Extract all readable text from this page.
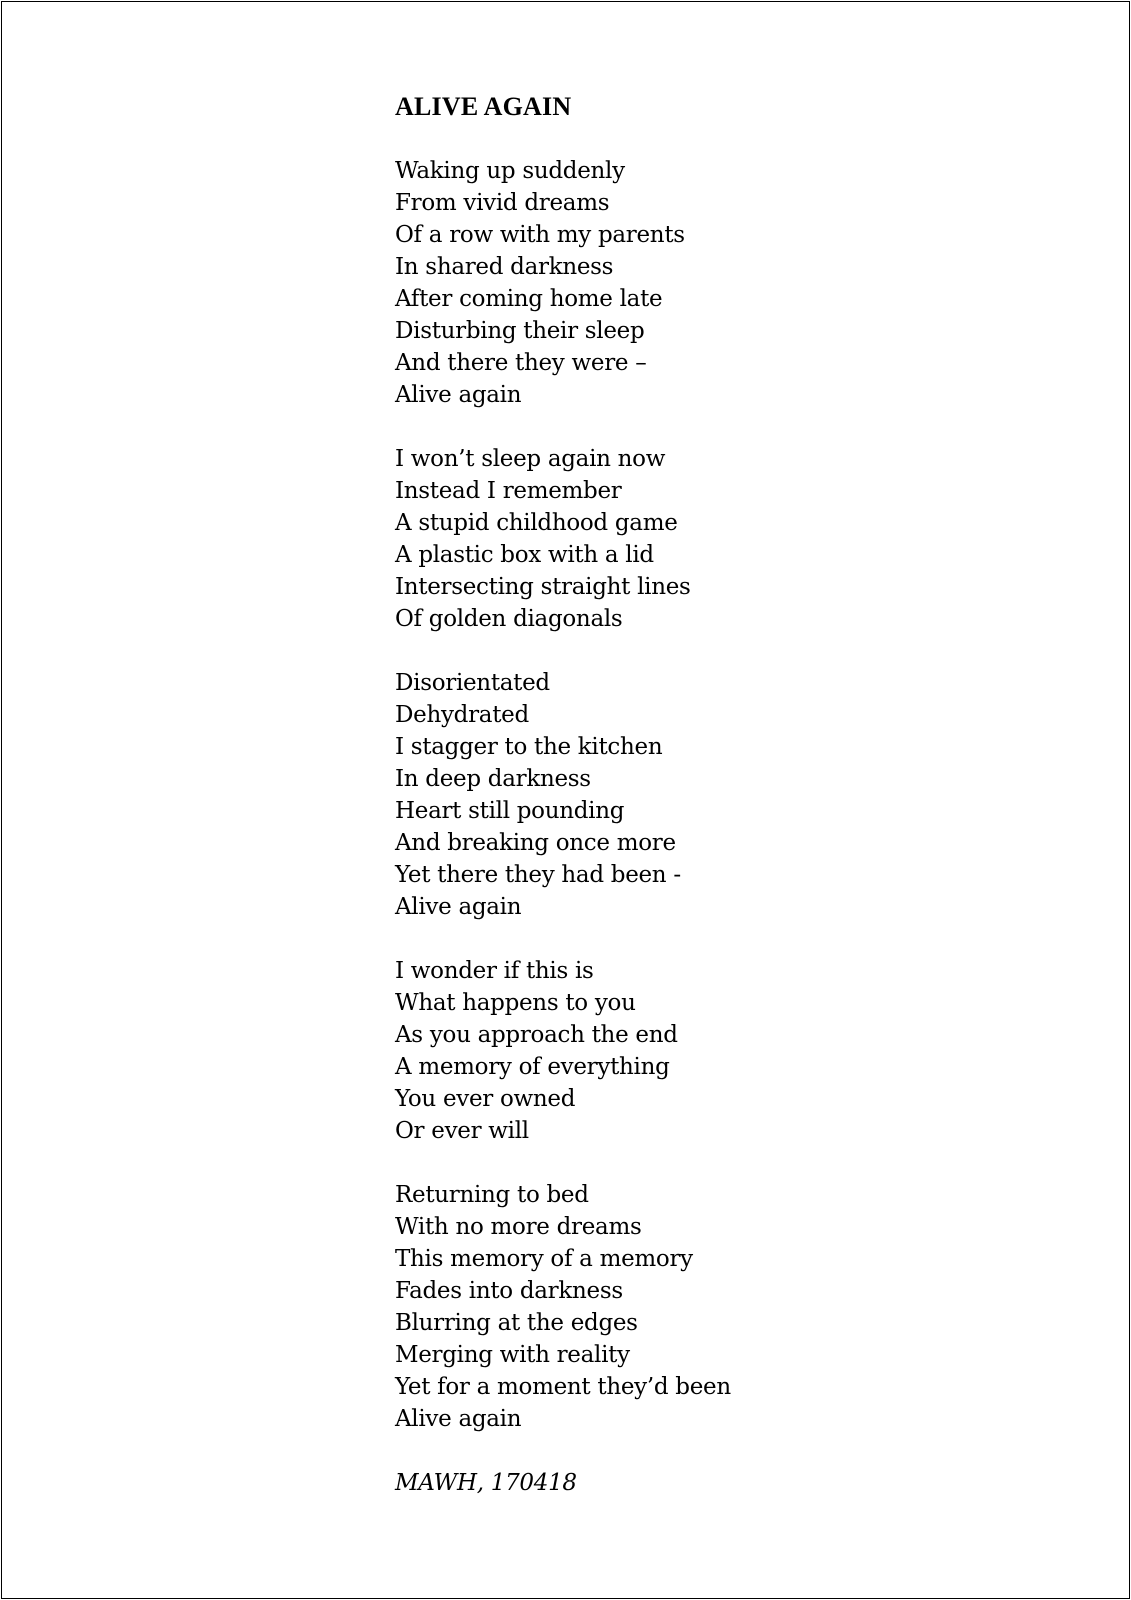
ALIVE AGAIN
Waking up suddenly
From vivid dreams
Of a row with my parents
In shared darkness
After coming home late
Disturbing their sleep
And there they were –
Alive again
I won’t sleep again now
Instead I remember
A stupid childhood game
A plastic box with a lid
Intersecting straight lines
Of golden diagonals
Disorientated
Dehydrated
I stagger to the kitchen
In deep darkness
Heart still pounding
And breaking once more
Yet there they had been -
Alive again
I wonder if this is
What happens to you
As you approach the end
A memory of everything
You ever owned
Or ever will
Returning to bed
With no more dreams
This memory of a memory
Fades into darkness
Blurring at the edges
Merging with reality
Yet for a moment they’d been
Alive again
MAWH, 170418
